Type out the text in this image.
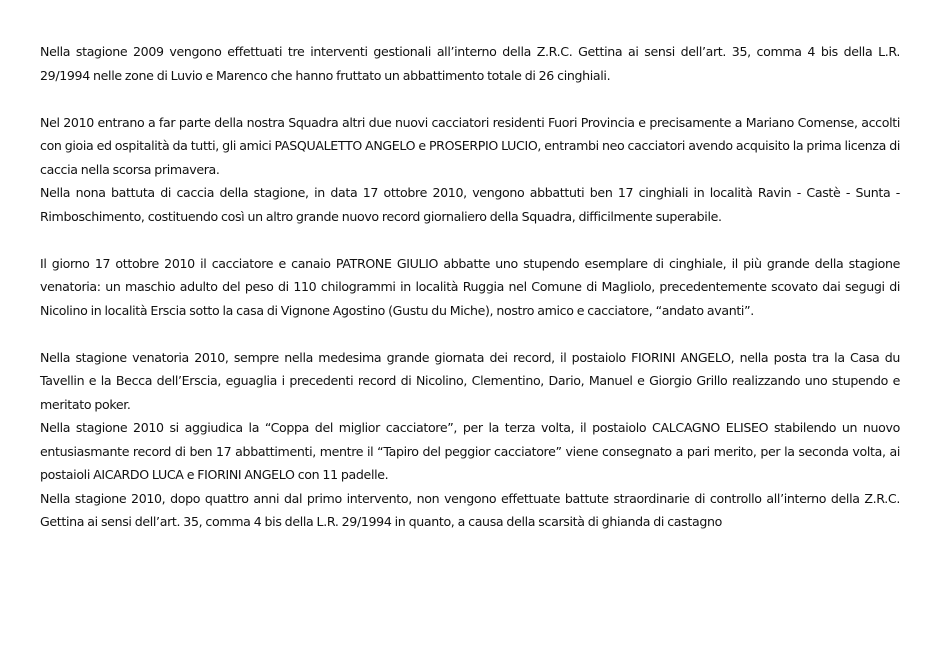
Nella stagione 2009 vengono effettuati tre interventi gestionali all’interno della Z.R.C. Gettina ai sensi dell’art. 35, comma 4 bis della L.R. 29/1994 nelle zone di Luvio e Marenco che hanno fruttato un abbattimento totale di 26 cinghiali.

Nel 2010 entrano a far parte della nostra Squadra altri due nuovi cacciatori residenti Fuori Provincia e precisamente a Mariano Comense, accolti con gioia ed ospitalità da tutti, gli amici PASQUALETTO ANGELO e PROSERPIO LUCIO, entrambi neo cacciatori avendo acquisito la prima licenza di caccia nella scorsa primavera.

Nella nona battuta di caccia della stagione, in data 17 ottobre 2010, vengono abbattuti ben 17 cinghiali in località Ravin - Castè - Sunta - Rimboschimento, costituendo così un altro grande nuovo record giornaliero della Squadra, difficilmente superabile.

Il giorno 17 ottobre 2010 il cacciatore e canaio PATRONE GIULIO abbatte uno stupendo esemplare di cinghiale, il più grande della stagione venatoria: un maschio adulto del peso di 110 chilogrammi in località Ruggia nel Comune di Magliolo, precedentemente scovato dai segugi di Nicolino in località Erscia sotto la casa di Vignone Agostino (Gustu du Miche), nostro amico e cacciatore, “andato avanti”.

Nella stagione venatoria 2010, sempre nella medesima grande giornata dei record, il postaiolo FIORINI ANGELO, nella posta tra la Casa du Tavellin e la Becca dell’Erscia, eguaglia i precedenti record di Nicolino, Clementino, Dario, Manuel e Giorgio Grillo realizzando uno stupendo e meritato poker.

Nella stagione 2010 si aggiudica la “Coppa del miglior cacciatore”, per la terza volta, il postaiolo CALCAGNO ELISEO stabilendo un nuovo entusiasmante record di ben 17 abbattimenti, mentre il “Tapiro del peggior cacciatore” viene consegnato a pari merito, per la seconda volta, ai postaioli AICARDO LUCA e FIORINI ANGELO con 11 padelle.

Nella stagione 2010, dopo quattro anni dal primo intervento, non vengono effettuate battute straordinarie di controllo all’interno della Z.R.C. Gettina ai sensi dell’art. 35, comma 4 bis della L.R. 29/1994 in quanto, a causa della scarsità di ghianda di castagno
